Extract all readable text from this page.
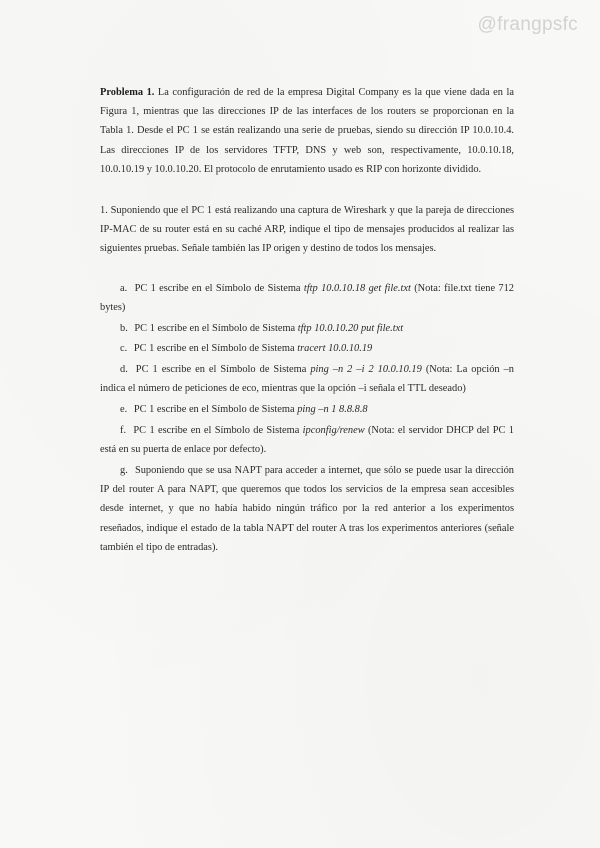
@frangpsfc

Problema 1. La configuración de red de la empresa Digital Company es la que viene dada en la Figura 1, mientras que las direcciones IP de las interfaces de los routers se proporcionan en la Tabla 1. Desde el PC 1 se están realizando una serie de pruebas, siendo su dirección IP 10.0.10.4. Las direcciones IP de los servidores TFTP, DNS y web son, respectivamente, 10.0.10.18, 10.0.10.19 y 10.0.10.20. El protocolo de enrutamiento usado es RIP con horizonte dividido.

1. Suponiendo que el PC 1 está realizando una captura de Wireshark y que la pareja de direcciones IP-MAC de su router está en su caché ARP, indique el tipo de mensajes producidos al realizar las siguientes pruebas. Señale también las IP origen y destino de todos los mensajes.

a. PC 1 escribe en el Símbolo de Sistema tftp 10.0.10.18 get file.txt (Nota: file.txt tiene 712 bytes)

b. PC 1 escribe en el Símbolo de Sistema tftp 10.0.10.20 put file.txt

c. PC 1 escribe en el Símbolo de Sistema tracert 10.0.10.19

d. PC 1 escribe en el Símbolo de Sistema ping –n 2 –i 2 10.0.10.19 (Nota: La opción –n indica el número de peticiones de eco, mientras que la opción –i señala el TTL deseado)

e. PC 1 escribe en el Símbolo de Sistema ping –n 1 8.8.8.8

f. PC 1 escribe en el Símbolo de Sistema ipconfig/renew (Nota: el servidor DHCP del PC 1 está en su puerta de enlace por defecto).

g. Suponiendo que se usa NAPT para acceder a internet, que sólo se puede usar la dirección IP del router A para NAPT, que queremos que todos los servicios de la empresa sean accesibles desde internet, y que no había habido ningún tráfico por la red anterior a los experimentos reseñados, indique el estado de la tabla NAPT del router A tras los experimentos anteriores (señale también el tipo de entradas).
